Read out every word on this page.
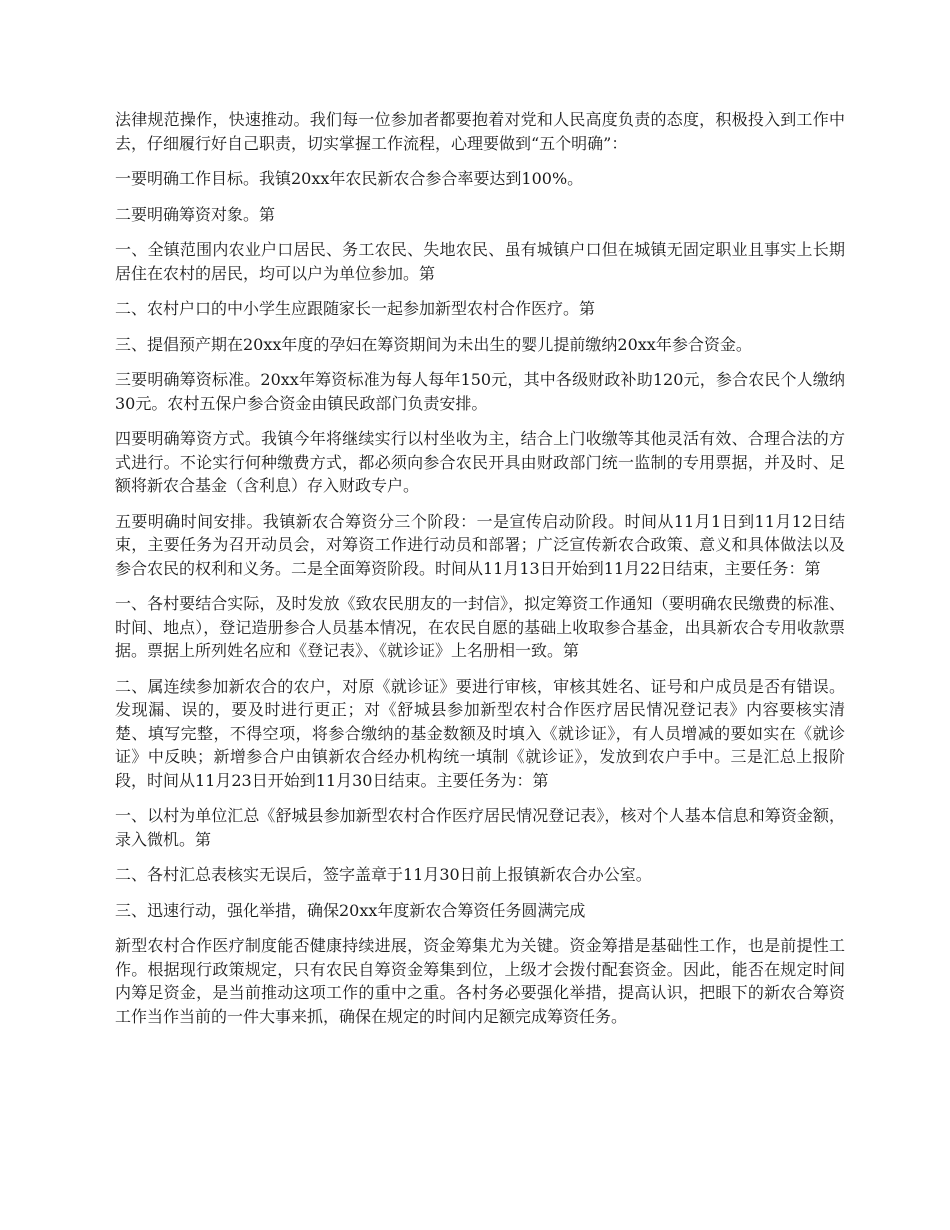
法律规范操作，快速推动。我们每一位参加者都要抱着对党和人民高度负责的态度，积极投入到工作中去，仔细履行好自己职责，切实掌握工作流程，心理要做到“五个明确”：

一要明确工作目标。我镇20xx年农民新农合参合率要达到100%。

二要明确筹资对象。第

一、全镇范围内农业户口居民、务工农民、失地农民、虽有城镇户口但在城镇无固定职业且事实上长期居住在农村的居民，均可以户为单位参加。第

二、农村户口的中小学生应跟随家长一起参加新型农村合作医疗。第

三、提倡预产期在20xx年度的孕妇在筹资期间为未出生的婴儿提前缴纳20xx年参合资金。

三要明确筹资标准。20xx年筹资标准为每人每年150元，其中各级财政补助120元，参合农民个人缴纳30元。农村五保户参合资金由镇民政部门负责安排。

四要明确筹资方式。我镇今年将继续实行以村坐收为主，结合上门收缴等其他灵活有效、合理合法的方式进行。不论实行何种缴费方式，都必须向参合农民开具由财政部门统一监制的专用票据，并及时、足额将新农合基金（含利息）存入财政专户。

五要明确时间安排。我镇新农合筹资分三个阶段：一是宣传启动阶段。时间从11月1日到11月12日结束，主要任务为召开动员会，对筹资工作进行动员和部署；广泛宣传新农合政策、意义和具体做法以及参合农民的权利和义务。二是全面筹资阶段。时间从11月13日开始到11月22日结束，主要任务：第

一、各村要结合实际，及时发放《致农民朋友的一封信》，拟定筹资工作通知（要明确农民缴费的标准、时间、地点），登记造册参合人员基本情况，在农民自愿的基础上收取参合基金，出具新农合专用收款票据。票据上所列姓名应和《登记表》、《就诊证》上名册相一致。第

二、属连续参加新农合的农户，对原《就诊证》要进行审核，审核其姓名、证号和户成员是否有错误。发现漏、误的，要及时进行更正；对《舒城县参加新型农村合作医疗居民情况登记表》内容要核实清楚、填写完整，不得空项，将参合缴纳的基金数额及时填入《就诊证》，有人员增减的要如实在《就诊证》中反映；新增参合户由镇新农合经办机构统一填制《就诊证》，发放到农户手中。三是汇总上报阶段，时间从11月23日开始到11月30日结束。主要任务为：第

一、以村为单位汇总《舒城县参加新型农村合作医疗居民情况登记表》，核对个人基本信息和筹资金额，录入微机。第

二、各村汇总表核实无误后，签字盖章于11月30日前上报镇新农合办公室。

三、迅速行动，强化举措，确保20xx年度新农合筹资任务圆满完成

新型农村合作医疗制度能否健康持续进展，资金筹集尤为关键。资金筹措是基础性工作，也是前提性工作。根据现行政策规定，只有农民自筹资金筹集到位，上级才会拨付配套资金。因此，能否在规定时间内筹足资金，是当前推动这项工作的重中之重。各村务必要强化举措，提高认识，把眼下的新农合筹资工作当作当前的一件大事来抓，确保在规定的时间内足额完成筹资任务。
